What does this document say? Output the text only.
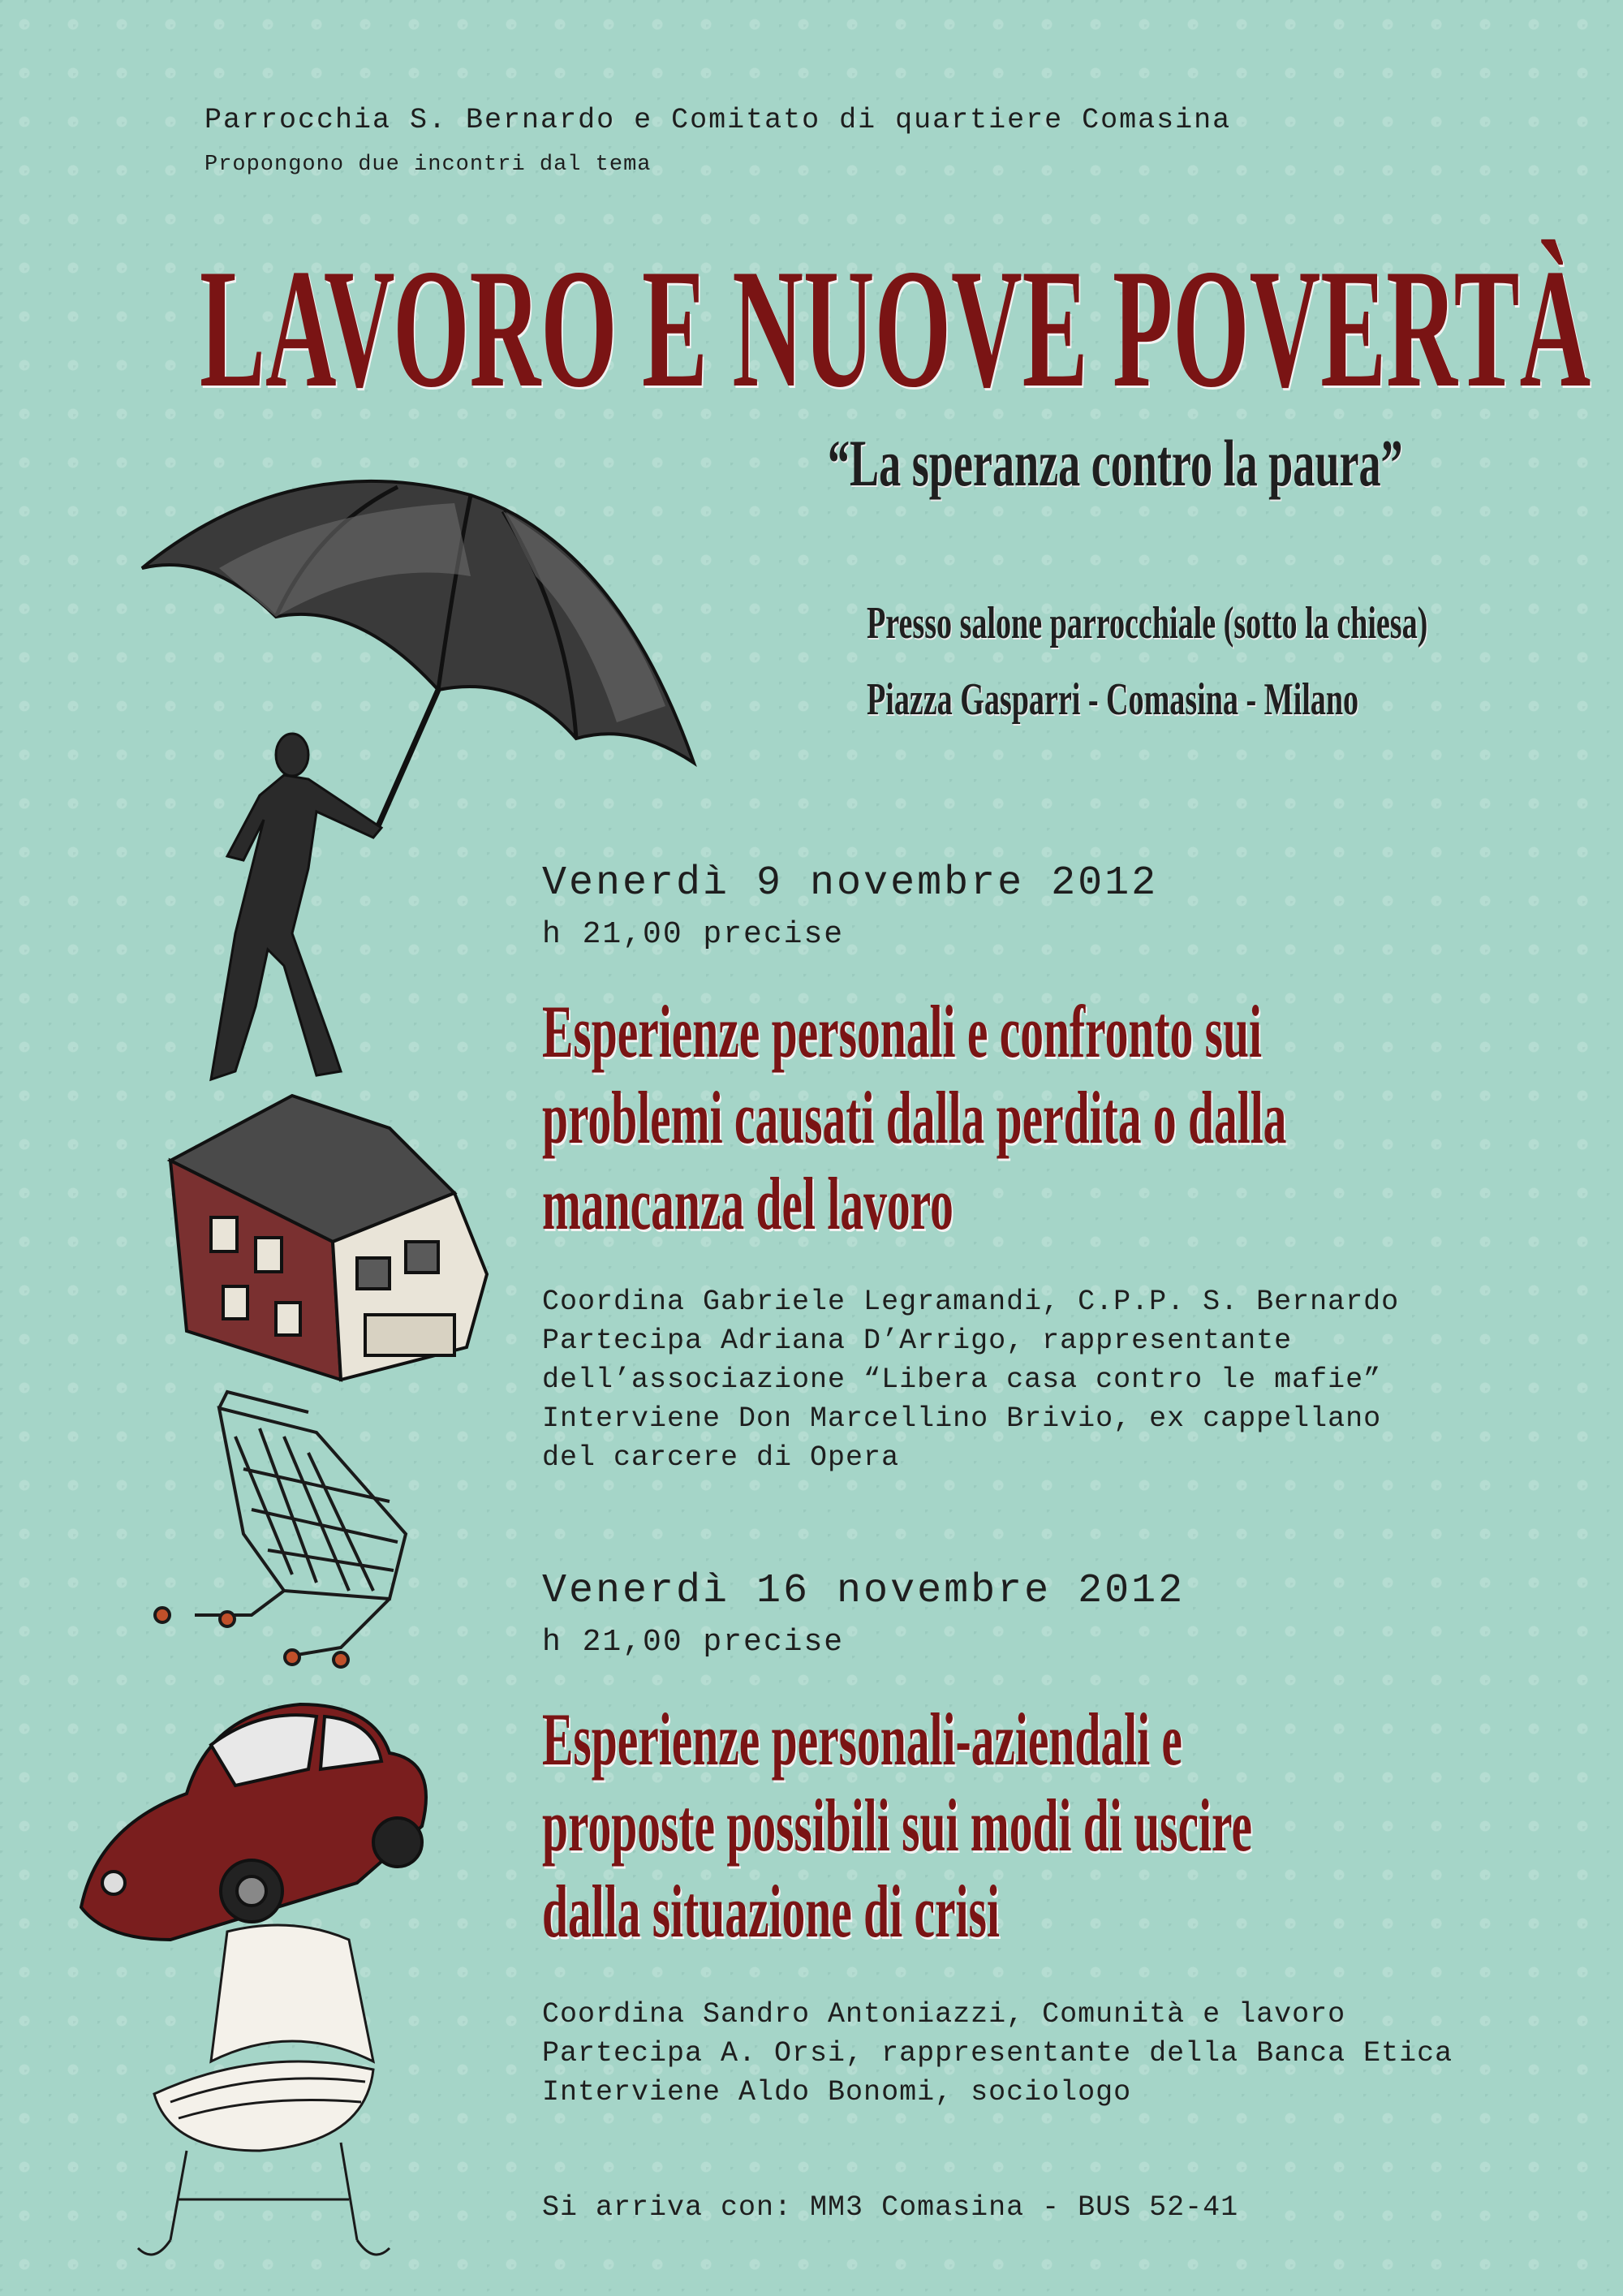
Parrocchia S. Bernardo e Comitato di quartiere Comasina
Propongono due incontri dal tema
LAVORO E NUOVE POVERTÀ
“La speranza contro la paura”
Presso salone parrocchiale (sotto la chiesa)
Piazza Gasparri - Comasina - Milano
Venerdì 9 novembre 2012
h 21,00 precise
Esperienze personali e confronto sui
problemi causati dalla perdita o dalla
mancanza del lavoro
Coordina Gabriele Legramandi, C.P.P. S. Bernardo
Partecipa Adriana D’Arrigo, rappresentante
dell’associazione “Libera casa contro le mafie”
Interviene Don Marcellino Brivio, ex cappellano
del carcere di Opera
Venerdì 16 novembre 2012
h 21,00 precise
Esperienze personali-aziendali e
proposte possibili sui modi di uscire
dalla situazione di crisi
Coordina Sandro Antoniazzi, Comunità e lavoro
Partecipa A. Orsi, rappresentante della Banca Etica
Interviene Aldo Bonomi, sociologo
Si arriva con: MM3 Comasina - BUS 52-41
